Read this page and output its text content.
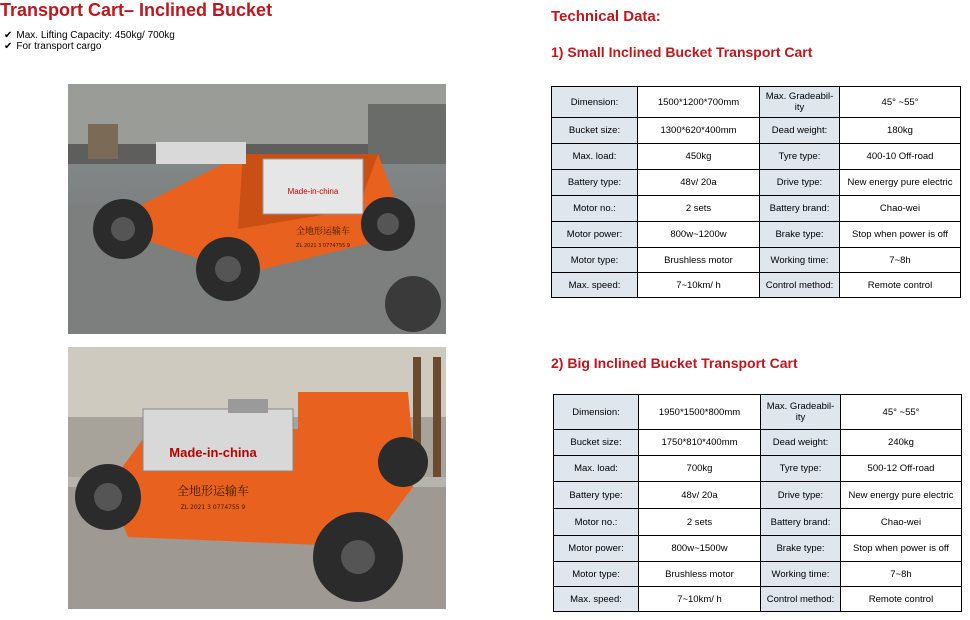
Transport Cart– Inclined Bucket
✔ Max. Lifting Capacity: 450kg/ 700kg
✔ For transport cargo
Made-in-china
全地形运输车
ZL 2021 3 0774755 9
Made-in-china
全地形运输车
ZL 2021 3 0774755 9
Technical Data:
1) Small Inclined Bucket Transport Cart
Dimension:	1500*1200*700mm	Max. Gradeabil-ity	45° ~55°
Bucket size:	1300*620*400mm	Dead weight:	180kg
Max. load:	450kg	Tyre type:	400-10 Off-road
Battery type:	48v/ 20a	Drive type:	New energy pure electric
Motor no.:	2 sets	Battery brand:	Chao-wei
Motor power:	800w~1200w	Brake type:	Stop when power is off
Motor type:	Brushless motor	Working time:	7~8h
Max. speed:	7~10km/ h	Control method:	Remote control
2) Big Inclined Bucket Transport Cart
Dimension:	1950*1500*800mm	Max. Gradeabil-ity	45° ~55°
Bucket size:	1750*810*400mm	Dead weight:	240kg
Max. load:	700kg	Tyre type:	500-12 Off-road
Battery type:	48v/ 20a	Drive type:	New energy pure electric
Motor no.:	2 sets	Battery brand:	Chao-wei
Motor power:	800w~1500w	Brake type:	Stop when power is off
Motor type:	Brushless motor	Working time:	7~8h
Max. speed:	7~10km/ h	Control method:	Remote control
